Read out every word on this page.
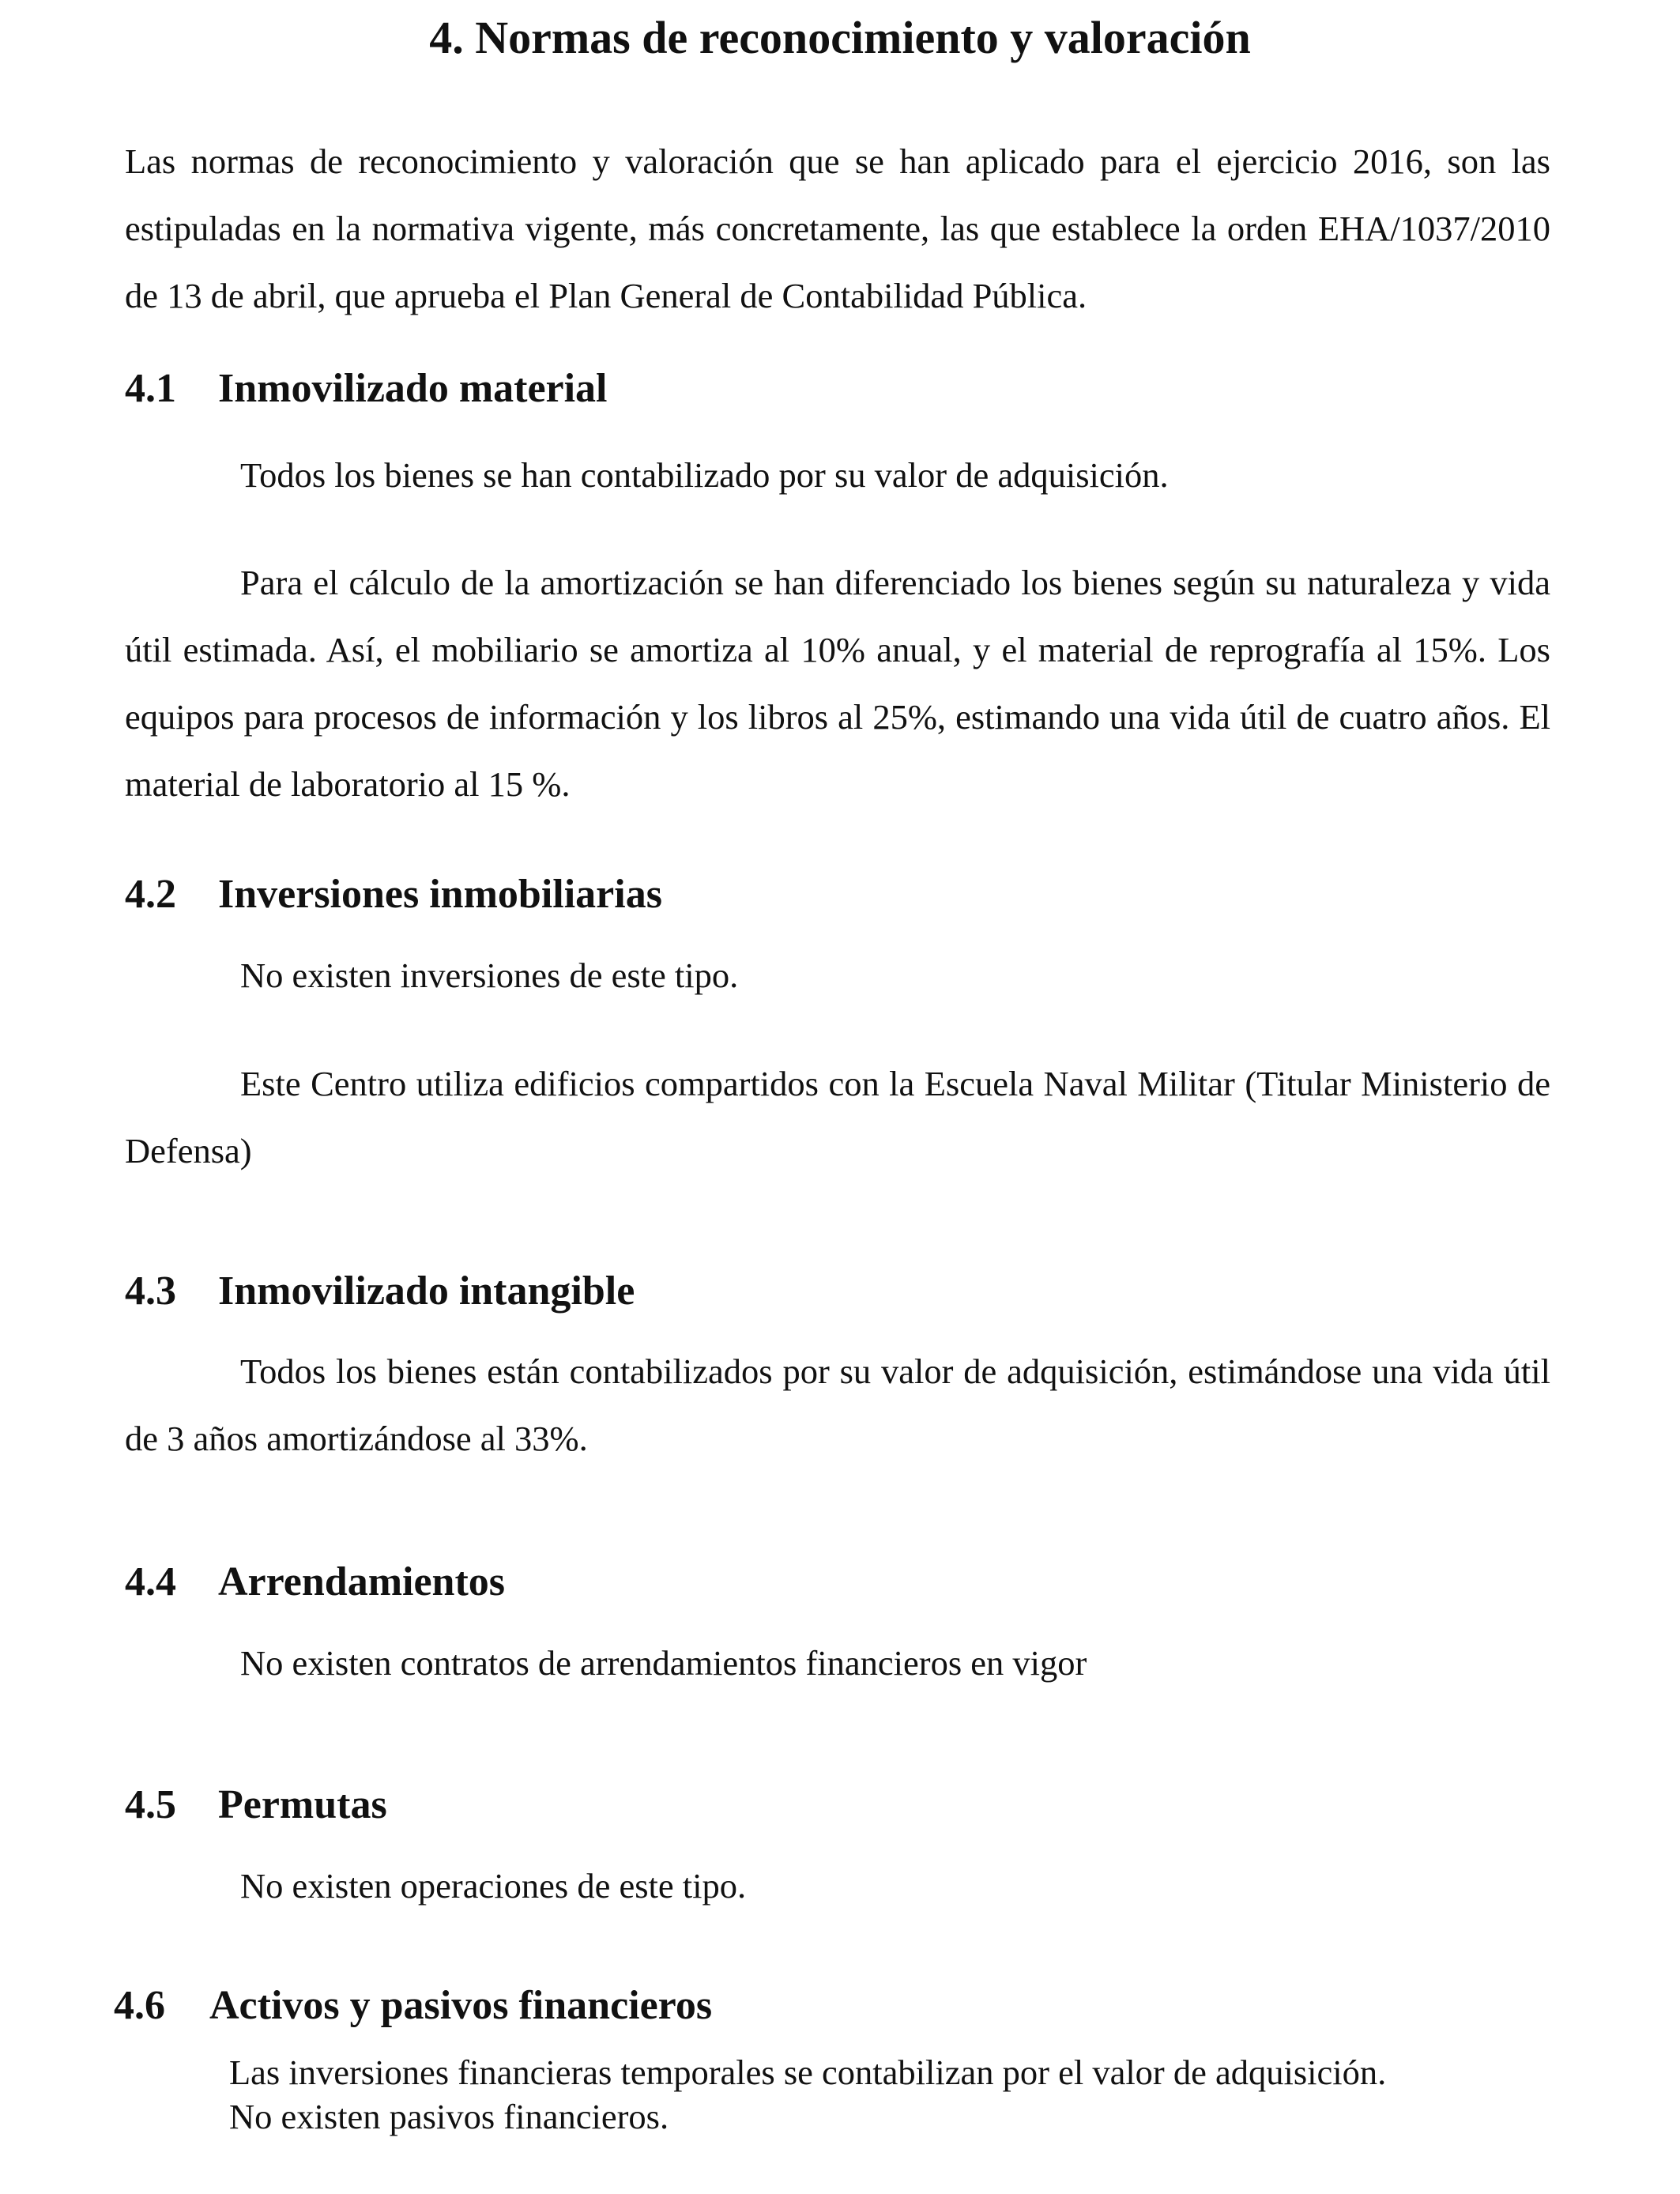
4. Normas de reconocimiento y valoración
Las normas de reconocimiento y valoración que se han aplicado para el ejercicio 2016, son las estipuladas en la normativa vigente, más concretamente, las que establece la orden EHA/1037/2010 de 13 de abril, que aprueba el Plan General de Contabilidad Pública.
4.1 Inmovilizado material
Todos los bienes se han contabilizado por su valor de adquisición.
Para el cálculo de la amortización se han diferenciado los bienes según su naturaleza y vida útil estimada. Así, el mobiliario se amortiza al 10% anual, y el material de reprografía al 15%. Los equipos para procesos de información y los libros al 25%, estimando una vida útil de cuatro años. El material de laboratorio al 15 %.
4.2 Inversiones inmobiliarias
No existen inversiones de este tipo.
Este Centro utiliza edificios compartidos con la Escuela Naval Militar (Titular Ministerio de Defensa)
4.3 Inmovilizado intangible
Todos los bienes están contabilizados por su valor de adquisición, estimándose una vida útil de 3 años amortizándose al 33%.
4.4 Arrendamientos
No existen contratos de arrendamientos financieros en vigor
4.5 Permutas
No existen operaciones de este tipo.
4.6 Activos y pasivos financieros
Las inversiones financieras temporales se contabilizan por el valor de adquisición.
No existen pasivos financieros.
